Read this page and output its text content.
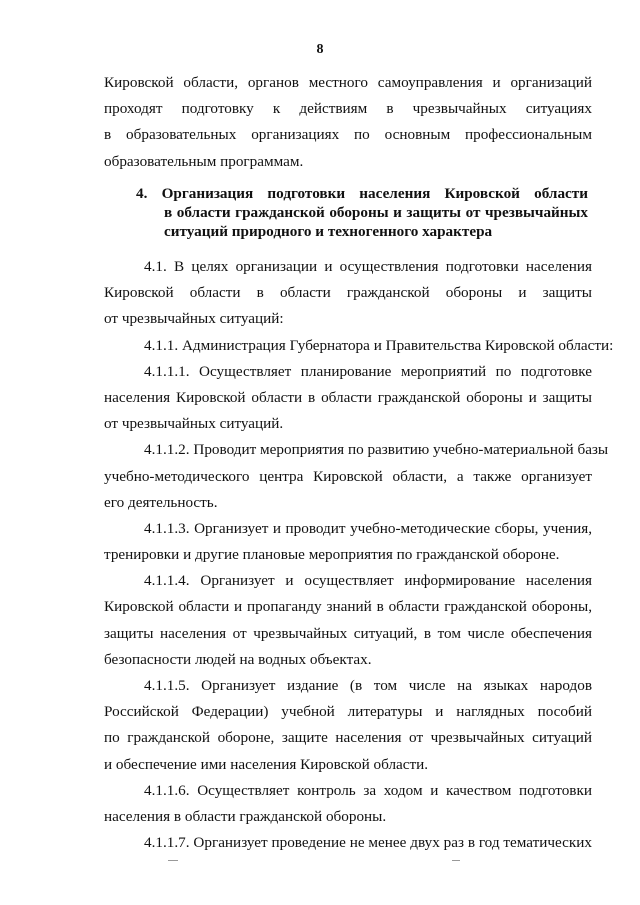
8
Кировской области, органов местного самоуправления и организаций
проходят подготовку к действиям в чрезвычайных ситуациях
в образовательных организациях по основным профессиональным
образовательным программам.
4. Организация подготовки населения Кировской области
в области гражданской обороны и защиты от чрезвычайных
ситуаций природного и техногенного характера
4.1. В целях организации и осуществления подготовки населения
Кировской области в области гражданской обороны и защиты
от чрезвычайных ситуаций:
4.1.1. Администрация Губернатора и Правительства Кировской области:
4.1.1.1. Осуществляет планирование мероприятий по подготовке
населения Кировской области в области гражданской обороны и защиты
от чрезвычайных ситуаций.
4.1.1.2. Проводит мероприятия по развитию учебно-материальной базы
учебно-методического центра Кировской области, а также организует
его деятельность.
4.1.1.3. Организует и проводит учебно-методические сборы, учения,
тренировки и другие плановые мероприятия по гражданской обороне.
4.1.1.4. Организует и осуществляет информирование населения
Кировской области и пропаганду знаний в области гражданской обороны,
защиты населения от чрезвычайных ситуаций, в том числе обеспечения
безопасности людей на водных объектах.
4.1.1.5. Организует издание (в том числе на языках народов
Российской Федерации) учебной литературы и наглядных пособий
по гражданской обороне, защите населения от чрезвычайных ситуаций
и обеспечение ими населения Кировской области.
4.1.1.6. Осуществляет контроль за ходом и качеством подготовки
населения в области гражданской обороны.
4.1.1.7. Организует проведение не менее двух раз в год тематических
